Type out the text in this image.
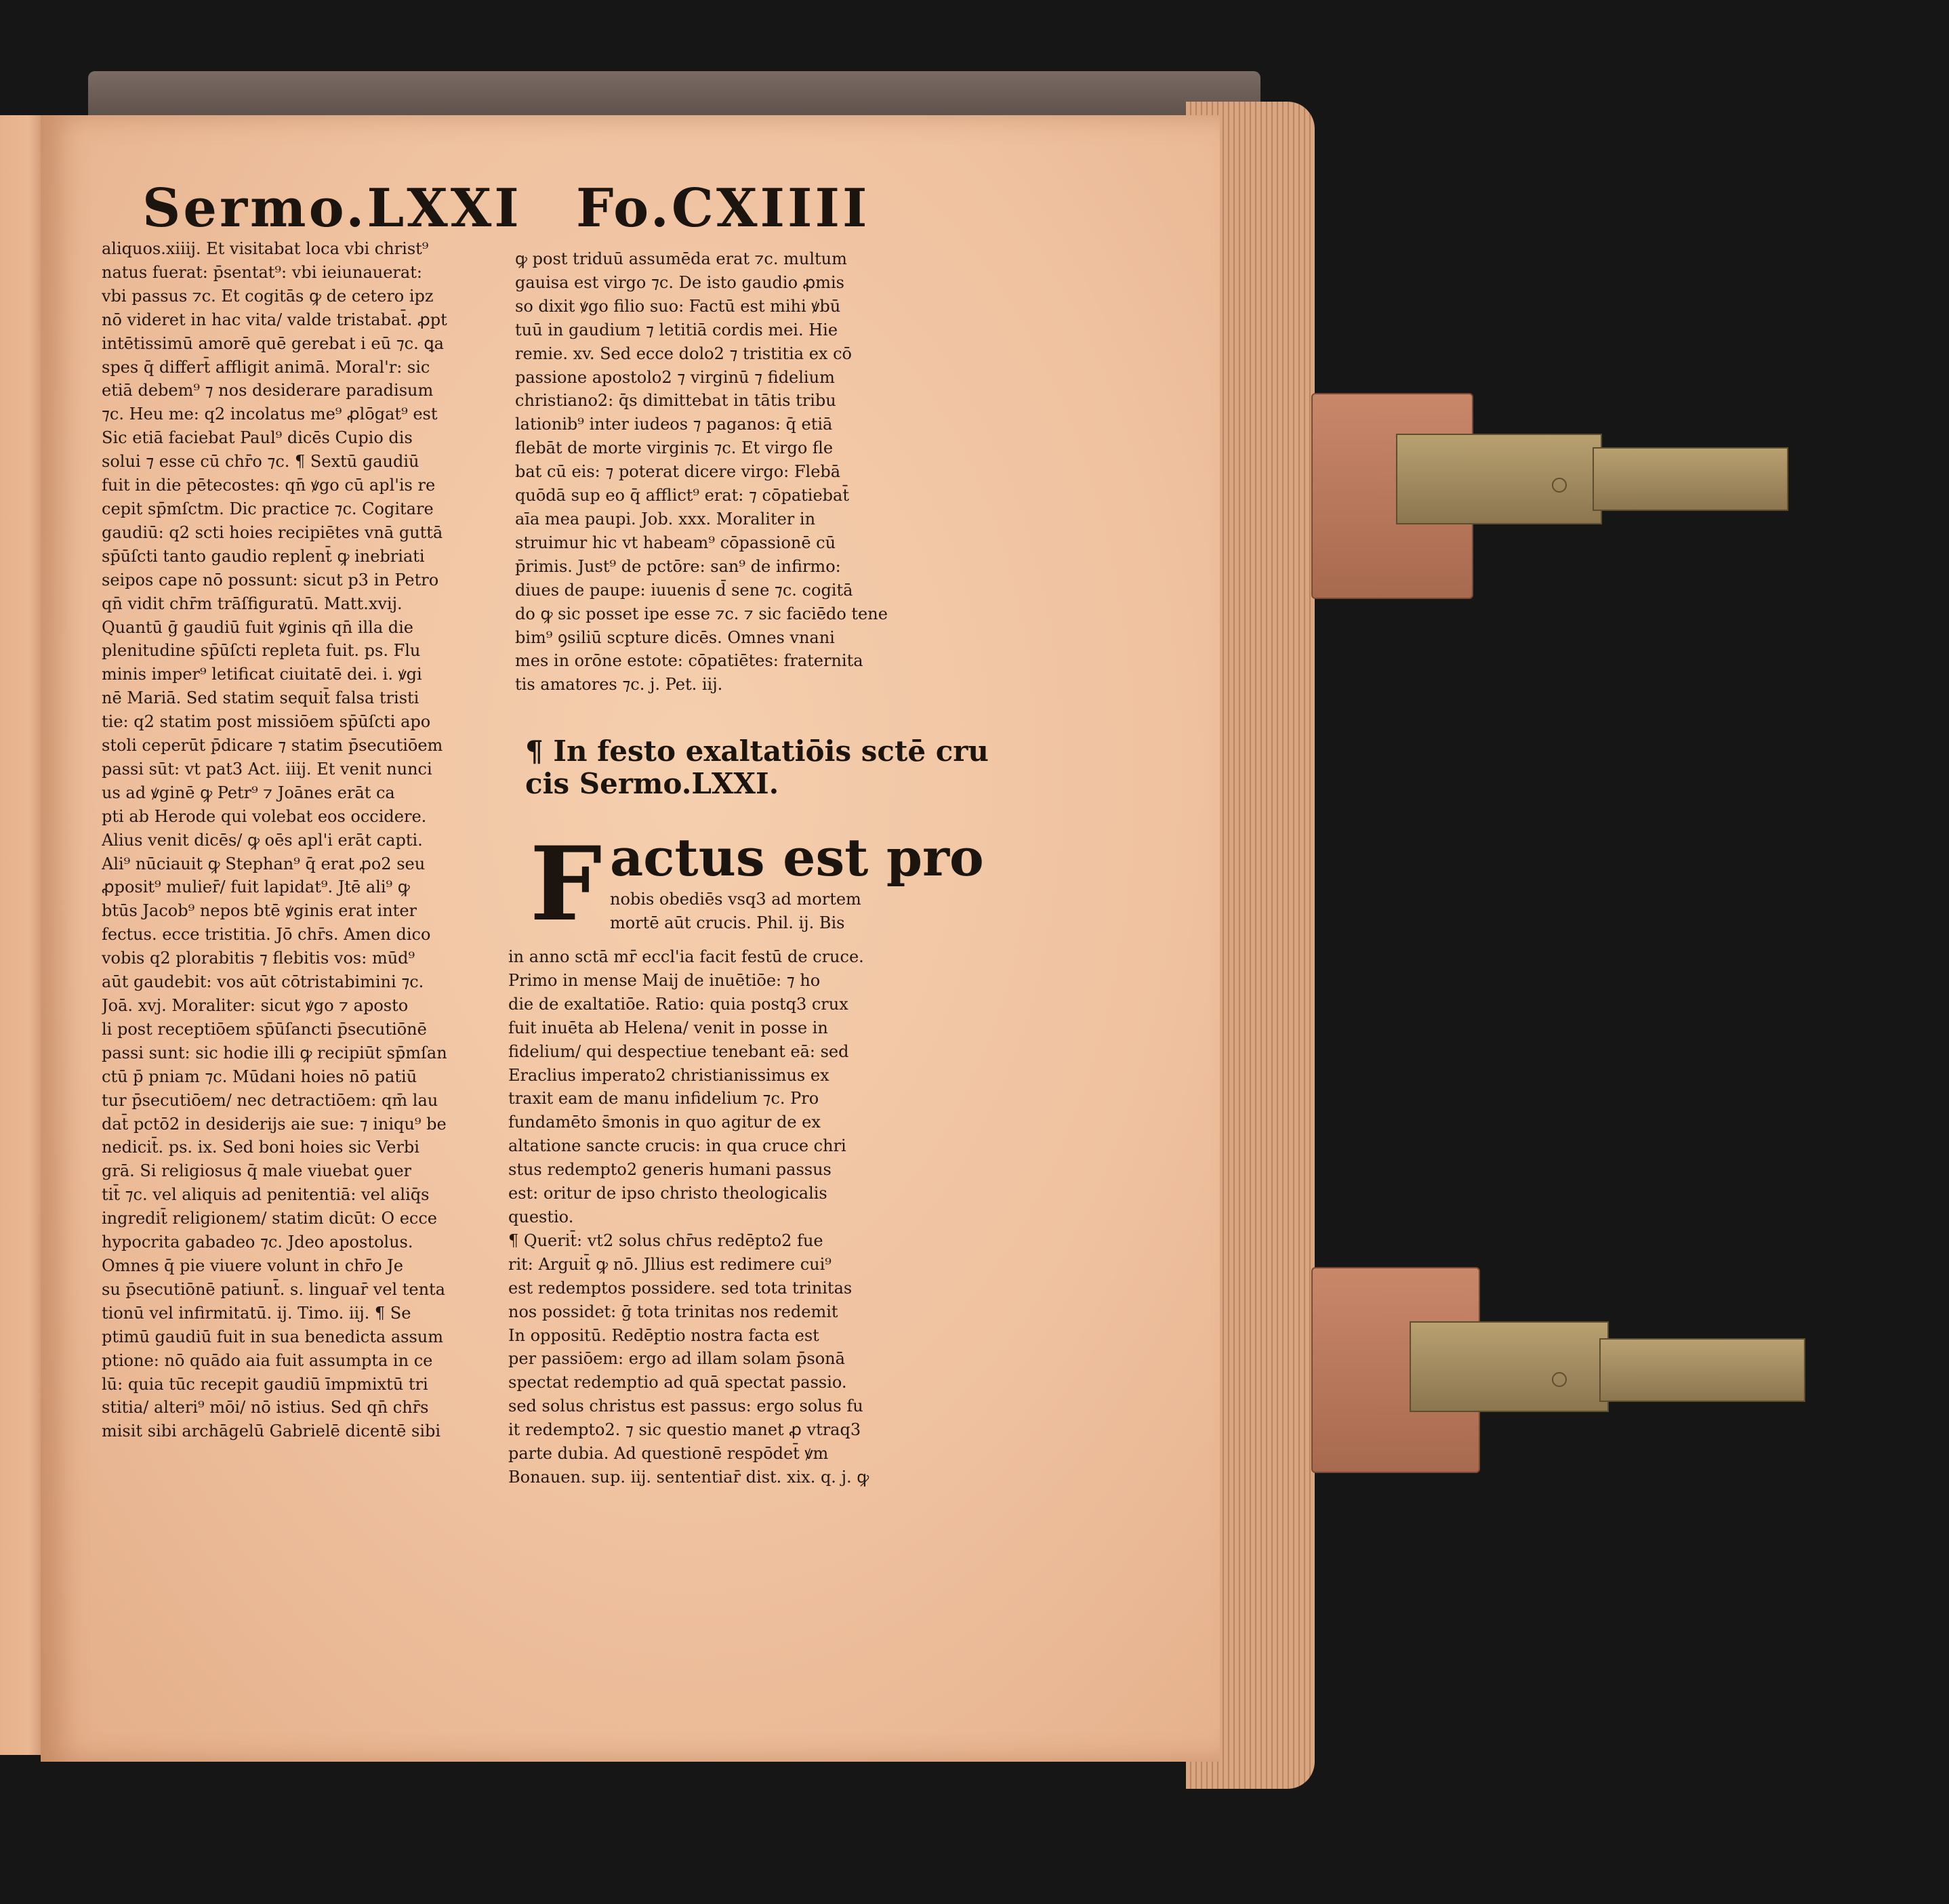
Sermo.LXXI Fo.CXIIII
aliquos.xiiij. Et visitabat loca vbi christ⁹
natus fuerat: p̄sentat⁹: vbi ieiunauerat:
vbi passus ⁊c. Et cogitās ꝙ de cetero ipz
nō videret in hac vita/ valde tristabat̄. ꝓpt
intētissimū amorē quē gerebat i eū ⁊c. ꝗa
spes q̄ differt̄ affligit animā. Moral'r: sic
etiā debem⁹ ⁊ nos desiderare paradisum
⁊c. Heu me: q2 incolatus me⁹ ꝓlōgat⁹ est
Sic etiā faciebat Paul⁹ dicēs Cupio dis
solui ⁊ esse cū chr̄o ⁊c. ¶ Sextū gaudiū
fuit in die pētecostes: qn̄ ꝟgo cū apl'is re
cepit sp̄mſctm. Dic practice ⁊c. Cogitare
gaudiū: q2 scti hoies recipiētes vnā guttā
sp̄ūſcti tanto gaudio replent̄ ꝙ inebriati
seipos cape nō possunt: sicut p3 in Petro
qn̄ vidit chr̄m trāſfiguratū. Matt.xvij.
Quantū ḡ gaudiū fuit ꝟginis qn̄ illa die
plenitudine sp̄ūſcti repleta fuit. ps. Flu
minis imper⁹ letificat ciuitatē dei. i. ꝟgi
nē Mariā. Sed statim sequit̄ falsa tristi
tie: q2 statim post missiōem sp̄ūſcti apo
stoli ceperūt p̄dicare ⁊ statim p̄secutiōem
passi sūt: vt pat3 Act. iiij. Et venit nunci
us ad ꝟginē ꝙ Petr⁹ ⁊ Joānes erāt ca
pti ab Herode qui volebat eos occidere.
Alius venit dicēs/ ꝙ oēs apl'i erāt capti.
Ali⁹ nūciauit ꝙ Stephan⁹ q̄ erat ꝓo2 seu
ꝓposit⁹ mulier̄/ fuit lapidat⁹. Jtē ali⁹ ꝙ
btūs Jacob⁹ nepos btē ꝟginis erat inter
fectus. ecce tristitia. Jō chr̄s. Amen dico
vobis q2 plorabitis ⁊ flebitis vos: mūd⁹
aūt gaudebit: vos aūt cōtristabimini ⁊c.
Joā. xvj. Moraliter: sicut ꝟgo ⁊ aposto
li post receptiōem sp̄ūſancti p̄secutiōnē
passi sunt: sic hodie illi ꝙ recipiūt sp̄mſan
ctū p̄ pniam ⁊c. Mūdani hoies nō patiū
tur p̄secutiōem/ nec detractiōem: qm̄ lau
dat̄ pctō2 in desiderijs aie sue: ⁊ iniqu⁹ be
nedicit̄. ps. ix. Sed boni hoies sic Verbi
grā. Si religiosus q̄ male viuebat ꝯuer
tit̄ ⁊c. vel aliquis ad penitentiā: vel aliq̄s
ingredit̄ religionem/ statim dicūt: O ecce
hypocrita gabadeo ⁊c. Jdeo apostolus.
Omnes q̄ pie viuere volunt in chr̄o Je
su p̄secutiōnē patiunt̄. s. linguar̄ vel tenta
tionū vel infirmitatū. ij. Timo. iij. ¶ Se
ptimū gaudiū fuit in sua benedicta assum
ptione: nō quādo aia fuit assumpta in ce
lū: quia tūc recepit gaudiū īmpmixtū tri
stitia/ alteri⁹ mōi/ nō istius. Sed qn̄ chr̄s
misit sibi archāgelū Gabrielē dicentē sibi
ꝙ post triduū assumēda erat ⁊c. multum
gauisa est virgo ⁊c. De isto gaudio ꝓmis
so dixit ꝟgo filio suo: Factū est mihi ꝟbū
tuū in gaudium ⁊ letitiā cordis mei. Hie
remie. xv. Sed ecce dolo2 ⁊ tristitia ex cō
passione apostolo2 ⁊ virginū ⁊ fidelium
christiano2: q̄s dimittebat in tātis tribu
lationib⁹ inter iudeos ⁊ paganos: q̄ etiā
flebāt de morte virginis ⁊c. Et virgo fle
bat cū eis: ⁊ poterat dicere virgo: Flebā
quōdā sup eo q̄ afflict⁹ erat: ⁊ cōpatiebat̄
aīa mea paupi. Job. xxx. Moraliter in
struimur hic vt habeam⁹ cōpassionē cū
p̄rimis. Just⁹ de pctōre: san⁹ de infirmo:
diues de paupe: iuuenis d̄ sene ⁊c. cogitā
do ꝙ sic posset ipe esse ⁊c. ⁊ sic faciēdo tene
bim⁹ ꝯsiliū scpture dicēs. Omnes vnani
mes in orōne estote: cōpatiētes: fraternita
tis amatores ⁊c. j. Pet. iij.
¶ In festo exaltatiōis sctē cru
cis Sermo.LXXI.
F actus est pro
nobis obediēs vsq3 ad mortem
mortē aūt crucis. Phil. ij. Bis
in anno sctā mr̄ eccl'ia facit festū de cruce.
Primo in mense Maij de inuētiōe: ⁊ ho
die de exaltatiōe. Ratio: quia postq3 crux
fuit inuēta ab Helena/ venit in posse in
fidelium/ qui despectiue tenebant eā: sed
Eraclius imperato2 christianissimus ex
traxit eam de manu infidelium ⁊c. Pro
fundamēto s̄monis in quo agitur de ex
altatione sancte crucis: in qua cruce chri
stus redempto2 generis humani passus
est: oritur de ipso christo theologicalis
questio.
¶ Querit̄: vt2 solus chr̄us redēpto2 fue
rit: Arguit̄ ꝙ nō. Jllius est redimere cui⁹
est redemptos possidere. sed tota trinitas
nos possidet: ḡ tota trinitas nos redemit
In oppositū. Redēptio nostra facta est
per passiōem: ergo ad illam solam p̄sonā
spectat redemptio ad quā spectat passio.
sed solus christus est passus: ergo solus fu
it redempto2. ⁊ sic questio manet ꝓ vtraq3
parte dubia. Ad questionē respōdet̄ ꝟm
Bonauen. sup. iij. sententiar̄ dist. xix. q. j. ꝙ
